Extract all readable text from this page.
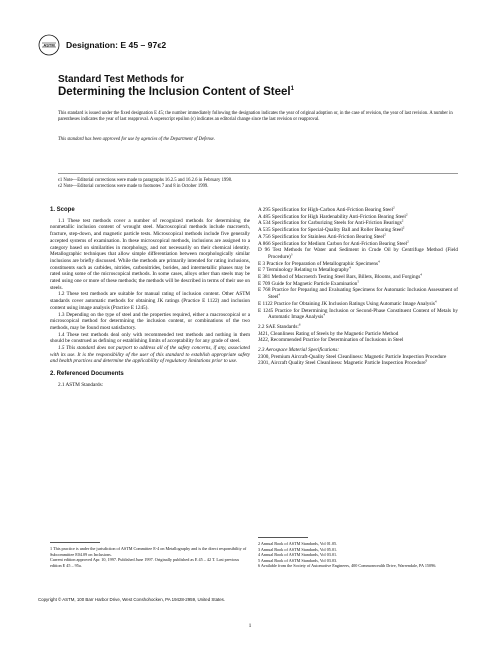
ASTM Designation: E 45 – 97ϵ2
Standard Test Methods for
Determining the Inclusion Content of Steel$^1$
This standard is issued under the fixed designation E 45; the number immediately following the designation indicates the year of original adoption or, in the case of revision, the year of last revision. A number in parentheses indicates the year of last reapproval. A superscript epsilon (ϵ) indicates an editorial change since the last revision or reapproval.
This standard has been approved for use by agencies of the Department of Defense.
ϵ1 Note—Editorial corrections were made to paragraphs 16.2.5 and 16.2.6 in February 1998.
ϵ2 Note—Editorial corrections were made to footnotes 7 and 8 in October 1999.
1. Scope

1.1 These test methods cover a number of recognized methods for determining the nonmetallic inclusion content of wrought steel. Macroscopical methods include macroetch, fracture, step-down, and magnetic particle tests. Microscopical methods include five generally accepted systems of examination. In these microscopical methods, inclusions are assigned to a category based on similarities in morphology, and not necessarily on their chemical identity. Metallographic techniques that allow simple differentiation between morphologically similar inclusions are briefly discussed. While the methods are primarily intended for rating inclusions, constituents such as carbides, nitrides, carbonitrides, borides, and intermetallic phases may be rated using some of the microscopical methods. In some cases, alloys other than steels may be rated using one or more of these methods; the methods will be described in terms of their use on steels.

1.2 These test methods are suitable for manual rating of inclusion content. Other ASTM standards cover automatic methods for obtaining JK ratings (Practice E 1122) and inclusion content using image analysis (Practice E 1245).

1.3 Depending on the type of steel and the properties required, either a macroscopical or a microscopical method for determining the inclusion content, or combinations of the two methods, may be found most satisfactory.

1.4 These test methods deal only with recommended test methods and nothing in them should be construed as defining or establishing limits of acceptability for any grade of steel.

1.5 This standard does not purport to address all of the safety concerns, if any, associated with its use. It is the responsibility of the user of this standard to establish appropriate safety and health practices and determine the applicability of regulatory limitations prior to use.

2. Referenced Documents

2.1 ASTM Standards:

A 295 Specification for High-Carbon Anti-Friction Bearing Steel$^2$

A 485 Specification for High Hardenability Anti-Friction Bearing Steel$^2$

A 534 Specification for Carburizing Steels for Anti-Friction Bearings$^2$

A 535 Specification for Special-Quality Ball and Roller Bearing Steel$^2$

A 756 Specification for Stainless Anti-Friction Bearing Steel$^2$

A 866 Specification for Medium Carbon for Anti-Friction Bearing Steel$^2$

D 96 Test Methods for Water and Sediment in Crude Oil by Centrifuge Method (Field Procedure)$^3$

E 3 Practice for Preparation of Metallographic Specimens$^4$

E 7 Terminology Relating to Metallography$^4$

E 381 Method of Macroetch Testing Steel Bars, Billets, Blooms, and Forgings$^4$

E 709 Guide for Magnetic Particle Examination$^5$

E 768 Practice for Preparing and Evaluating Specimens for Automatic Inclusion Assessment of Steel$^4$

E 1122 Practice for Obtaining JK Inclusion Ratings Using Automatic Image Analysis$^4$

E 1245 Practice for Determining Inclusion or Second-Phase Constituent Content of Metals by Automatic Image Analysis$^4$

2.2 SAE Standards:$^6$

J421, Cleanliness Rating of Steels by the Magnetic Particle Method

J422, Recommended Practice for Determination of Inclusions in Steel

2.3 Aerospace Material Specifications:

2300, Premium Aircraft-Quality Steel Cleanliness: Magnetic Particle Inspection Procedure

2301, Aircraft Quality Steel Cleanliness: Magnetic Particle Inspection Procedure$^6$

1 This practice is under the jurisdiction of ASTM Committee E-4 on Metallography and is the direct responsibility of Subcommittee E04.09 on Inclusions.
Current edition approved Apr. 10, 1997. Published June 1997. Originally published as E 45 – 42 T. Last previous edition E 45 – 95a.
2 Annual Book of ASTM Standards, Vol 01.05.
3 Annual Book of ASTM Standards, Vol 05.01.
4 Annual Book of ASTM Standards, Vol 03.01.
5 Annual Book of ASTM Standards, Vol 03.03.
6 Available from the Society of Automotive Engineers, 400 Commonwealth Drive, Warrendale, PA 15096.
Copyright © ASTM, 100 Barr Harbor Drive, West Conshohocken, PA 19428-2959, United States.
1
